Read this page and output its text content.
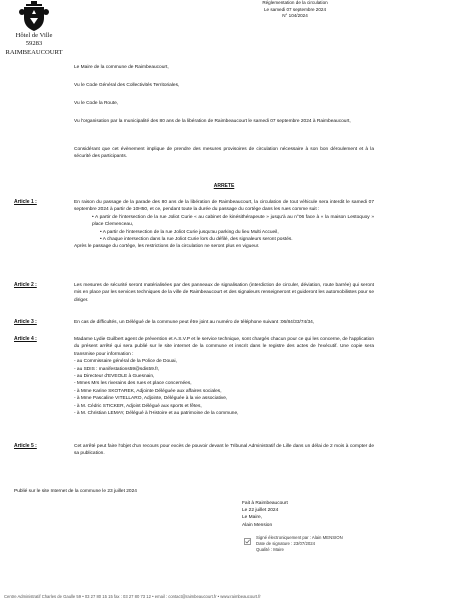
Hôtel de Ville
59283 RAIMBEAUCOURT
Réglementation de la circulation
Le samedi 07 septembre 2024
N° 104/2024
Le Maire de la commune de Raimbeaucourt,
Vu le Code Général des Collectivités Territoriales,
Vu le Code la Route,
Vu l'organisation par la municipalité des 80 ans de la libération de Raimbeaucourt le samedi 07 septembre 2024 à Raimbeaucourt,
Considérant que cet évènement implique de prendre des mesures provisoires de circulation nécessaire à son bon déroulement et à la sécurité des participants.
ARRETE
Article 1 :	En raison du passage de la parade des 80 ans de la libération de Raimbeaucourt, la circulation de tout véhicule sera interdit le samedi 07 septembre 2024 à partir de 10H50, et ce, pendant toute la durée du passage du cortège dans les rues comme suit :
• A partir de l'intersection de la rue Joliot Curie « au cabinet de kinésithérapeute » jusqu'à au n°06 face à « la maison Lestoquoy » place Clemenceau,
• A partir de l'intersection de la rue Joliot Curie jusqu'au parking du lieu Multi Accueil,
• A chaque intersection dans la rue Joliot Curie lors du défilé, des signaleurs seront postés.
Après le passage du cortège, les restrictions de la circulation ne seront plus en vigueur.
Article 2 :	Les mesures de sécurité seront matérialisées par des panneaux de signalisation (interdiction de circuler, déviation, route barrée) qui seront mis en place par les services techniques de la ville de Raimbeaucourt et des signaleurs renseigneront et guideront les automobilistes pour se diriger.
Article 3 :	En cas de difficultés, un Délégué de la commune peut être joint au numéro de téléphone suivant :06/84/33/74/34,
Article 4 :	Madame Lydie Guilbert agent de prévention et A.S.V.P et le service technique, sont chargés chacun pour ce qui les concerne, de l'application du présent arrêté qui sera publié sur le site internet de la commune et inscrit dans le registre des actes de l'exécutif. Une copie sera transmise pour information :
- au Commissaire général de la Police de Douai,
- au SDIS : manifestations59@sdis59.fr,
- au Directeur d'EVEOLE à Guesnain,
- Mmes Mrs les riverains des rues et place concernées,
- à Mme Karine SKOTAREK, Adjointe Déléguée aux affaires sociales,
- à Mme Pascaline VITELLARO, Adjointe, Déléguée à la vie associative,
- à M. Cédric STICKER, Adjoint Délégué aux sports et fêtes,
- à M. Christian LEMAY, Délégué à l'Histoire et au patrimoine de la commune,
Article 5 :	Cet arrêté peut faire l'objet d'un recours pour excès de pouvoir devant le Tribunal Administratif de Lille dans un délai de 2 mois à compter de sa publication.
Publié sur le site Internet de la commune le 23 juillet 2024
Fait à Raimbeaucourt
Le 22 juillet 2024
Le Maire,
Alain Mension
Signé électroniquement par : Alain MENSION
Date de signature : 23/07/2024
Qualité : Maire
Centre Administratif Charles de Gaulle 59 • 03 27 80 15 15 fax : 03 27 80 73 12 • email : contact@raimbeaucourt.fr • www.raimbeaucourt.fr
